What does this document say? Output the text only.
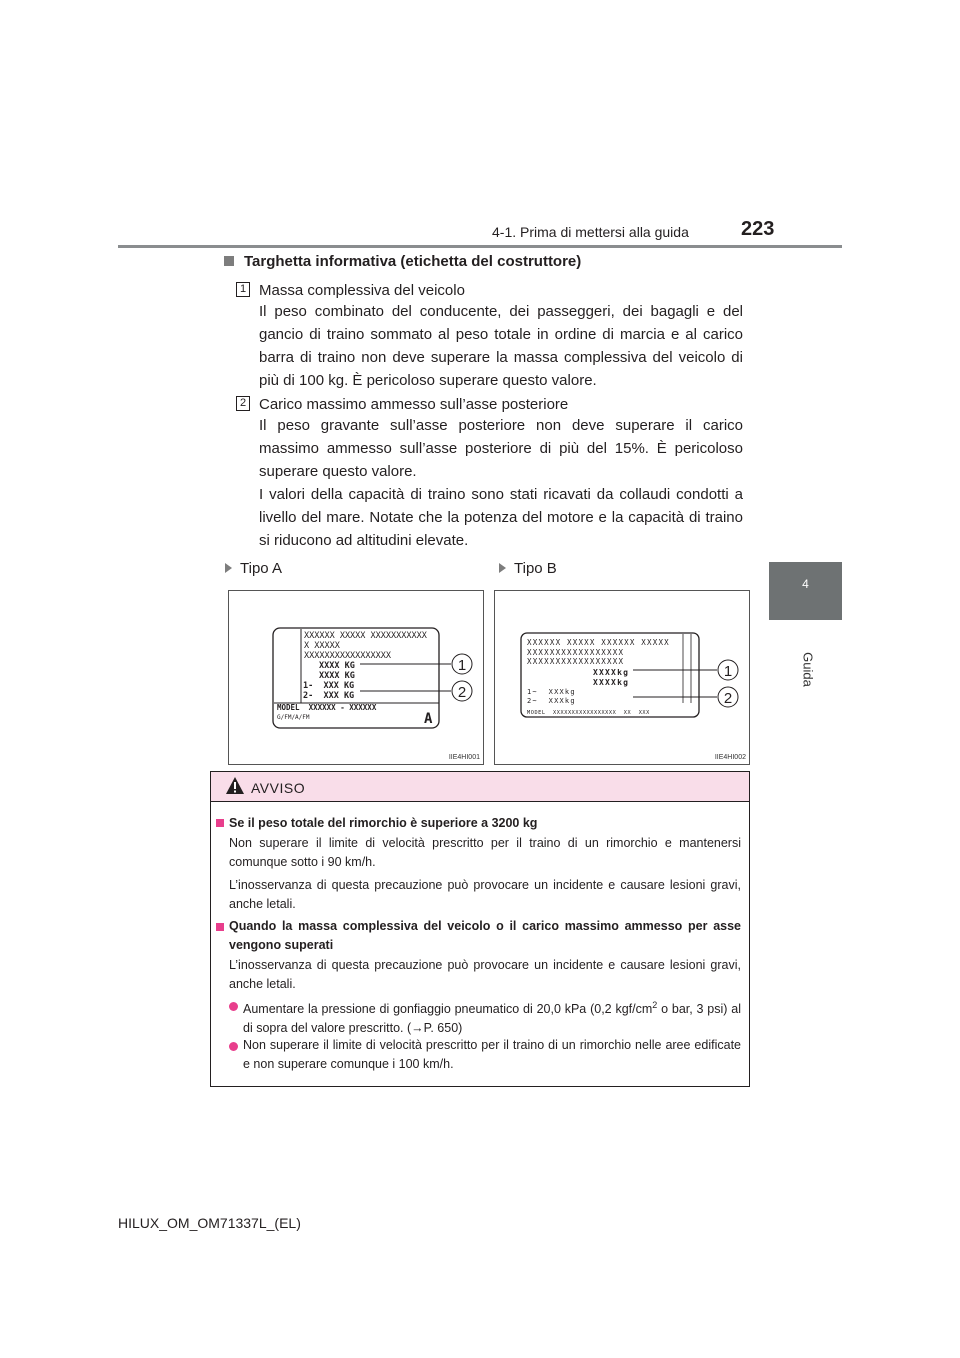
4-1. Prima di mettersi alla guida	223
4
Guida
Targhetta informativa (etichetta del costruttore)
1 Massa complessiva del veicolo
Il peso combinato del conducente, dei passeggeri, dei bagagli e del gancio di traino sommato al peso totale in ordine di marcia e al carico barra di traino non deve superare la massa complessiva del veicolo di più di 100 kg. È pericoloso superare questo valore.
2 Carico massimo ammesso sull’asse posteriore
Il peso gravante sull’asse posteriore non deve superare il carico massimo ammesso sull’asse posteriore di più del 15%. È pericoloso superare questo valore.
I valori della capacità di traino sono stati ricavati da collaudi condotti a livello del mare. Notate che la potenza del motore e la capacità di traino si riducono ad altitudini elevate.
Tipo A	Tipo B
XXXXXX XXXXX XXXXXXXXXXX
X XXXXX
XXXXXXXXXXXXXXXXX
XXXX KG
XXXX KG
1-  XXX KG
2-  XXX KG
MODEL  XXXXXX - XXXXXX
G/FM/A/FM	A
1
2
IIE4HI001
XXXXXX XXXXX XXXXXX XXXXX
XXXXXXXXXXXXXXXXX
XXXXXXXXXXXXXXXXX
XXXXkg
XXXXkg
1~  XXXkg
2~  XXXkg
MODEL  XXXXXXXXXXXXXXXXX  XX  XXX
1
2
IIE4HI002
AVVISO
Se il peso totale del rimorchio è superiore a 3200 kg
Non superare il limite di velocità prescritto per il traino di un rimorchio e mantenersi comunque sotto i 90 km/h.
L’inosservanza di questa precauzione può provocare un incidente e causare lesioni gravi, anche letali.
Quando la massa complessiva del veicolo o il carico massimo ammesso per asse vengono superati
L’inosservanza di questa precauzione può provocare un incidente e causare lesioni gravi, anche letali.
Aumentare la pressione di gonfiaggio pneumatico di 20,0 kPa (0,2 kgf/$cm^2$ o bar, 3 psi) al di sopra del valore prescritto. (→P. 650)
Non superare il limite di velocità prescritto per il traino di un rimorchio nelle aree edificate e non superare comunque i 100 km/h.
HILUX_OM_OM71337L_(EL)
